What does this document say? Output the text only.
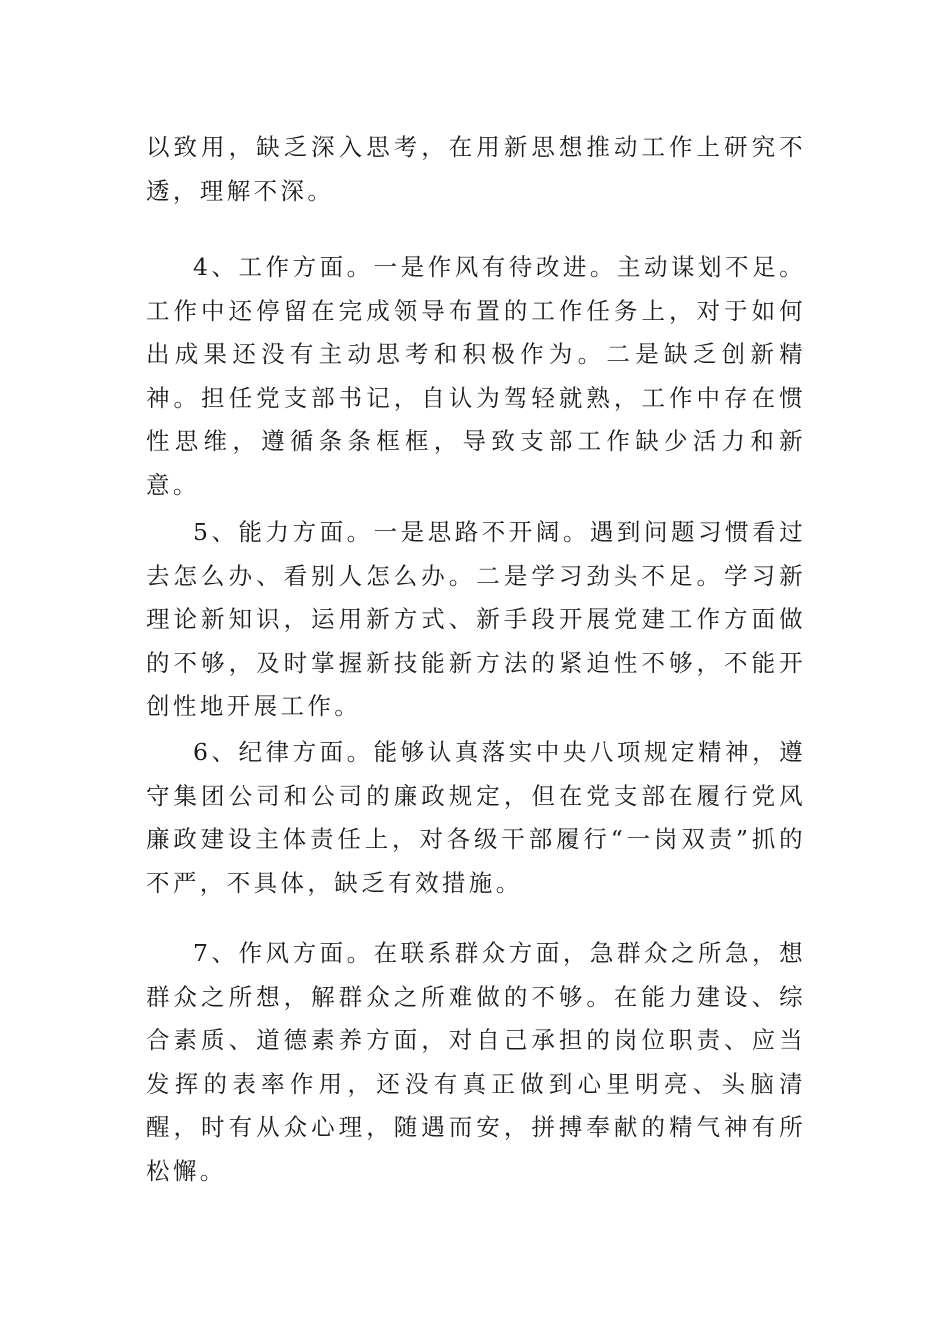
以致用，缺乏深入思考，在用新思想推动工作上研究不透，理解不深。

4、工作方面。一是作风有待改进。主动谋划不足。工作中还停留在完成领导布置的工作任务上，对于如何出成果还没有主动思考和积极作为。二是缺乏创新精神。担任党支部书记，自认为驾轻就熟，工作中存在惯性思维，遵循条条框框，导致支部工作缺少活力和新意。

5、能力方面。一是思路不开阔。遇到问题习惯看过去怎么办、看别人怎么办。二是学习劲头不足。学习新理论新知识，运用新方式、新手段开展党建工作方面做的不够，及时掌握新技能新方法的紧迫性不够，不能开创性地开展工作。

6、纪律方面。能够认真落实中央八项规定精神，遵守集团公司和公司的廉政规定，但在党支部在履行党风廉政建设主体责任上，对各级干部履行“一岗双责”抓的不严，不具体，缺乏有效措施。

7、作风方面。在联系群众方面，急群众之所急，想群众之所想，解群众之所难做的不够。在能力建设、综合素质、道德素养方面，对自己承担的岗位职责、应当发挥的表率作用，还没有真正做到心里明亮、头脑清醒，时有从众心理，随遇而安，拼搏奉献的精气神有所松懈。
